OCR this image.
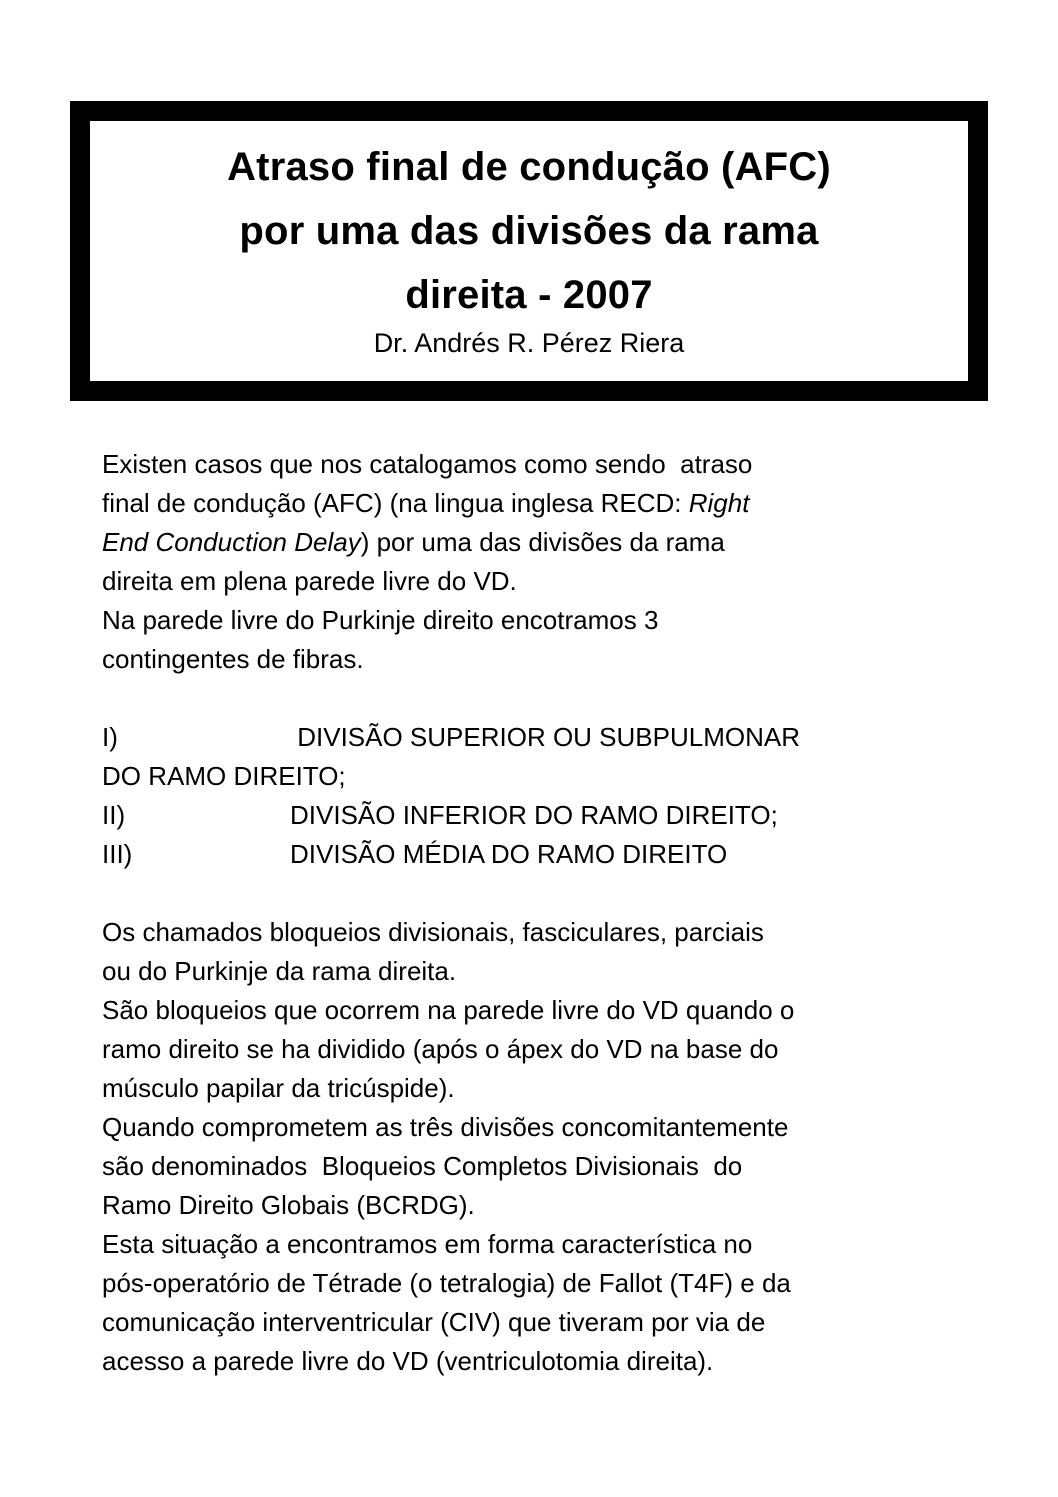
Atraso final de condução (AFC)
por uma das divisões da rama
direita - 2007

Dr. Andrés R. Pérez Riera

Existen casos que nos catalogamos como sendo  atraso
final de condução (AFC) (na lingua inglesa RECD: Right
End Conduction Delay) por uma das divisões da rama
direita em plena parede livre do VD.
Na parede livre do Purkinje direito encotramos 3
contingentes de fibras.
I)	DIVISÃO SUPERIOR OU SUBPULMONAR
DO RAMO DIREITO;
II)	DIVISÃO INFERIOR DO RAMO DIREITO;
III)	DIVISÃO MÉDIA DO RAMO DIREITO
Os chamados bloqueios divisionais, fasciculares, parciais
ou do Purkinje da rama direita.
São bloqueios que ocorrem na parede livre do VD quando o
ramo direito se ha dividido (após o ápex do VD na base do
músculo papilar da tricúspide).
Quando comprometem as três divisões concomitantemente
são denominados  Bloqueios Completos Divisionais  do
Ramo Direito Globais (BCRDG).
Esta situação a encontramos em forma característica no
pós-operatório de Tétrade (o tetralogia) de Fallot (T4F) e da
comunicação interventricular (CIV) que tiveram por via de
acesso a parede livre do VD (ventriculotomia direita).
